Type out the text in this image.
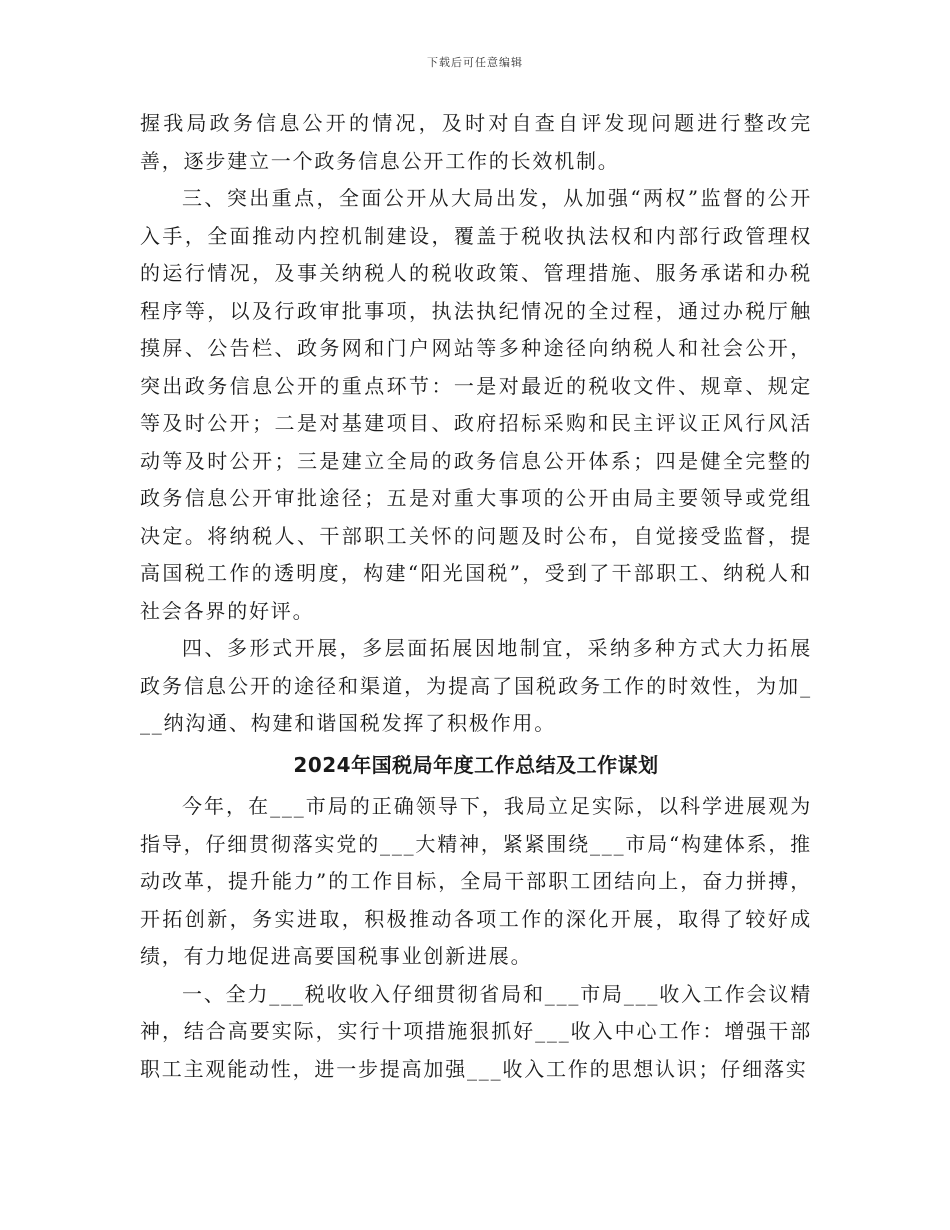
下载后可任意编辑

握我局政务信息公开的情况，及时对自查自评发现问题进行整改完善，逐步建立一个政务信息公开工作的长效机制。

三、突出重点，全面公开从大局出发，从加强“两权”监督的公开入手，全面推动内控机制建设，覆盖于税收执法权和内部行政管理权的运行情况，及事关纳税人的税收政策、管理措施、服务承诺和办税程序等，以及行政审批事项，执法执纪情况的全过程，通过办税厅触摸屏、公告栏、政务网和门户网站等多种途径向纳税人和社会公开，突出政务信息公开的重点环节：一是对最近的税收文件、规章、规定等及时公开；二是对基建项目、政府招标采购和民主评议正风行风活动等及时公开；三是建立全局的政务信息公开体系；四是健全完整的政务信息公开审批途径；五是对重大事项的公开由局主要领导或党组决定。将纳税人、干部职工关怀的问题及时公布，自觉接受监督，提高国税工作的透明度，构建“阳光国税”，受到了干部职工、纳税人和社会各界的好评。

四、多形式开展，多层面拓展因地制宜，采纳多种方式大力拓展政务信息公开的途径和渠道，为提高了国税政务工作的时效性，为加___纳沟通、构建和谐国税发挥了积极作用。

2024年国税局年度工作总结及工作谋划

今年，在___市局的正确领导下，我局立足实际，以科学进展观为指导，仔细贯彻落实党的___大精神，紧紧围绕___市局“构建体系，推动改革，提升能力”的工作目标，全局干部职工团结向上，奋力拼搏，开拓创新，务实进取，积极推动各项工作的深化开展，取得了较好成绩，有力地促进高要国税事业创新进展。

一、全力___税收收入仔细贯彻省局和___市局___收入工作会议精神，结合高要实际，实行十项措施狠抓好___收入中心工作：增强干部职工主观能动性，进一步提高加强___收入工作的思想认识；仔细落实
